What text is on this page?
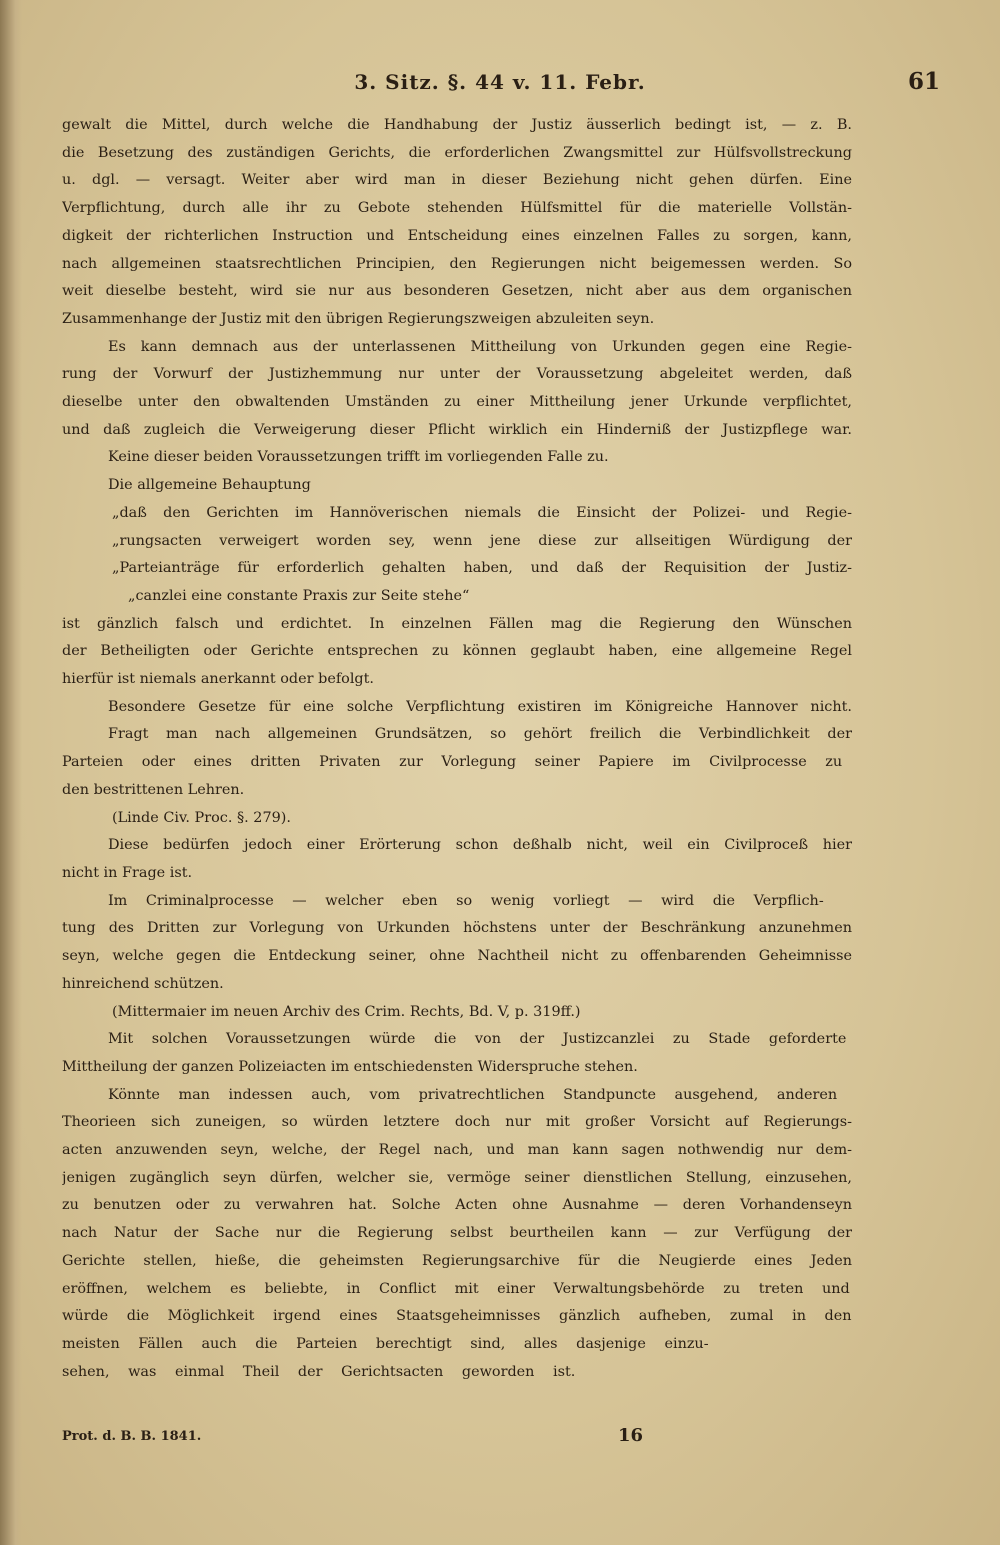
3. Sitz. §. 44 v. 11. Febr.	61
gewalt die Mittel, durch welche die Handhabung der Justiz äusserlich bedingt ist, — z. B.
die Besetzung des zuständigen Gerichts, die erforderlichen Zwangsmittel zur Hülfsvollstreckung
u. dgl. — versagt. Weiter aber wird man in dieser Beziehung nicht gehen dürfen. Eine
Verpflichtung, durch alle ihr zu Gebote stehenden Hülfsmittel für die materielle Vollstän-
digkeit der richterlichen Instruction und Entscheidung eines einzelnen Falles zu sorgen, kann,
nach allgemeinen staatsrechtlichen Principien, den Regierungen nicht beigemessen werden. So
weit dieselbe besteht, wird sie nur aus besonderen Gesetzen, nicht aber aus dem organischen
Zusammenhange der Justiz mit den übrigen Regierungszweigen abzuleiten seyn.
Es kann demnach aus der unterlassenen Mittheilung von Urkunden gegen eine Regie-
rung der Vorwurf der Justizhemmung nur unter der Voraussetzung abgeleitet werden, daß
dieselbe unter den obwaltenden Umständen zu einer Mittheilung jener Urkunde verpflichtet,
und daß zugleich die Verweigerung dieser Pflicht wirklich ein Hinderniß der Justizpflege war.
Keine dieser beiden Voraussetzungen trifft im vorliegenden Falle zu.
Die allgemeine Behauptung
„daß den Gerichten im Hannöverischen niemals die Einsicht der Polizei- und Regie-
„rungsacten verweigert worden sey, wenn jene diese zur allseitigen Würdigung der
„Parteianträge für erforderlich gehalten haben, und daß der Requisition der Justiz-
„canzlei eine constante Praxis zur Seite stehe“
ist gänzlich falsch und erdichtet. In einzelnen Fällen mag die Regierung den Wünschen
der Betheiligten oder Gerichte entsprechen zu können geglaubt haben, eine allgemeine Regel
hierfür ist niemals anerkannt oder befolgt.
Besondere Gesetze für eine solche Verpflichtung existiren im Königreiche Hannover nicht.
Fragt man nach allgemeinen Grundsätzen, so gehört freilich die Verbindlichkeit der
Parteien oder eines dritten Privaten zur Vorlegung seiner Papiere im Civilprocesse zu
den bestrittenen Lehren.
(Linde Civ. Proc. §. 279).
Diese bedürfen jedoch einer Erörterung schon deßhalb nicht, weil ein Civilproceß hier
nicht in Frage ist.
Im Criminalprocesse — welcher eben so wenig vorliegt — wird die Verpflich-
tung des Dritten zur Vorlegung von Urkunden höchstens unter der Beschränkung anzunehmen
seyn, welche gegen die Entdeckung seiner, ohne Nachtheil nicht zu offenbarenden Geheimnisse
hinreichend schützen.
(Mittermaier im neuen Archiv des Crim. Rechts, Bd. V, p. 319ff.)
Mit solchen Voraussetzungen würde die von der Justizcanzlei zu Stade geforderte
Mittheilung der ganzen Polizeiacten im entschiedensten Widerspruche stehen.
Könnte man indessen auch, vom privatrechtlichen Standpuncte ausgehend, anderen
Theorieen sich zuneigen, so würden letztere doch nur mit großer Vorsicht auf Regierungs-
acten anzuwenden seyn, welche, der Regel nach, und man kann sagen nothwendig nur dem-
jenigen zugänglich seyn dürfen, welcher sie, vermöge seiner dienstlichen Stellung, einzusehen,
zu benutzen oder zu verwahren hat. Solche Acten ohne Ausnahme — deren Vorhandenseyn
nach Natur der Sache nur die Regierung selbst beurtheilen kann — zur Verfügung der
Gerichte stellen, hieße, die geheimsten Regierungsarchive für die Neugierde eines Jeden
eröffnen, welchem es beliebte, in Conflict mit einer Verwaltungsbehörde zu treten und
würde die Möglichkeit irgend eines Staatsgeheimnisses gänzlich aufheben, zumal in den
meisten Fällen auch die Parteien berechtigt sind, alles dasjenige einzu-
sehen, was einmal Theil der Gerichtsacten geworden ist.
Prot. d. B. B. 1841.	16
